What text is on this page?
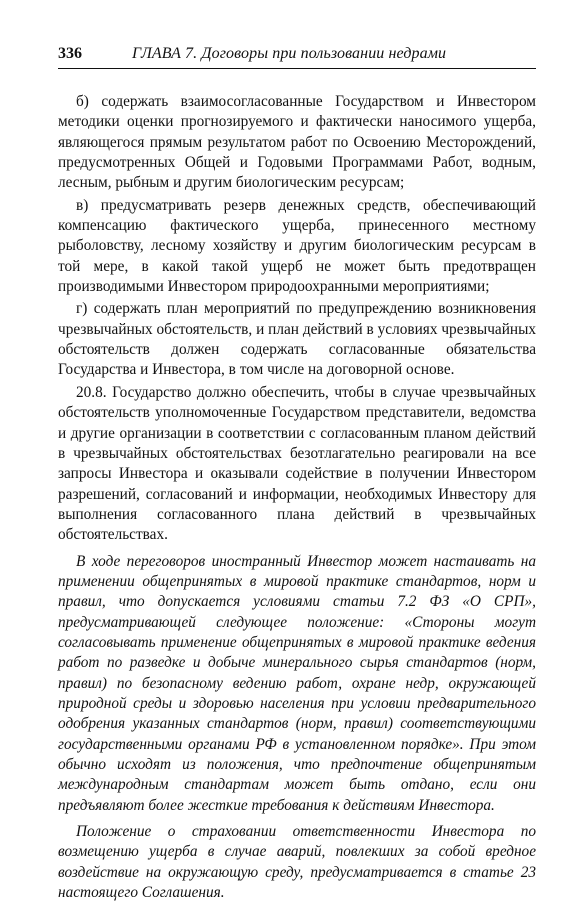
336	ГЛАВА 7. Договоры при пользовании недрами

б) содержать взаимосогласованные Государством и Инвестором методики оценки прогнозируемого и фактически наносимого ущерба, являющегося прямым результатом работ по Освоению Месторождений, предусмотренных Общей и Годовыми Программами Работ, водным, лесным, рыбным и другим биологическим ресурсам;

в) предусматривать резерв денежных средств, обеспечивающий компенсацию фактического ущерба, принесенного местному рыболовству, лесному хозяйству и другим биологическим ресурсам в той мере, в какой такой ущерб не может быть предотвращен производимыми Инвестором природоохранными мероприятиями;

г) содержать план мероприятий по предупреждению возникновения чрезвычайных обстоятельств, и план действий в условиях чрезвычайных обстоятельств должен содержать согласованные обязательства Государства и Инвестора, в том числе на договорной основе.

20.8. Государство должно обеспечить, чтобы в случае чрезвычайных обстоятельств уполномоченные Государством представители, ведомства и другие организации в соответствии с согласованным планом действий в чрезвычайных обстоятельствах безотлагательно реагировали на все запросы Инвестора и оказывали содействие в получении Инвестором разрешений, согласований и информации, необходимых Инвестору для выполнения согласованного плана действий в чрезвычайных обстоятельствах.

В ходе переговоров иностранный Инвестор может настаивать на применении общепринятых в мировой практике стандартов, норм и правил, что допускается условиями статьи 7.2 ФЗ «О СРП», предусматривающей следующее положение: «Стороны могут согласовывать применение общепринятых в мировой практике ведения работ по разведке и добыче минерального сырья стандартов (норм, правил) по безопасному ведению работ, охране недр, окружающей природной среды и здоровью населения при условии предварительного одобрения указанных стандартов (норм, правил) соответствующими государственными органами РФ в установленном порядке». При этом обычно исходят из положения, что предпочтение общепринятым международным стандартам может быть отдано, если они предъявляют более жесткие требования к действиям Инвестора.

Положение о страховании ответственности Инвестора по возмещению ущерба в случае аварий, повлекших за собой вредное воздействие на окружающую среду, предусматривается в статье 23 настоящего Соглашения.
